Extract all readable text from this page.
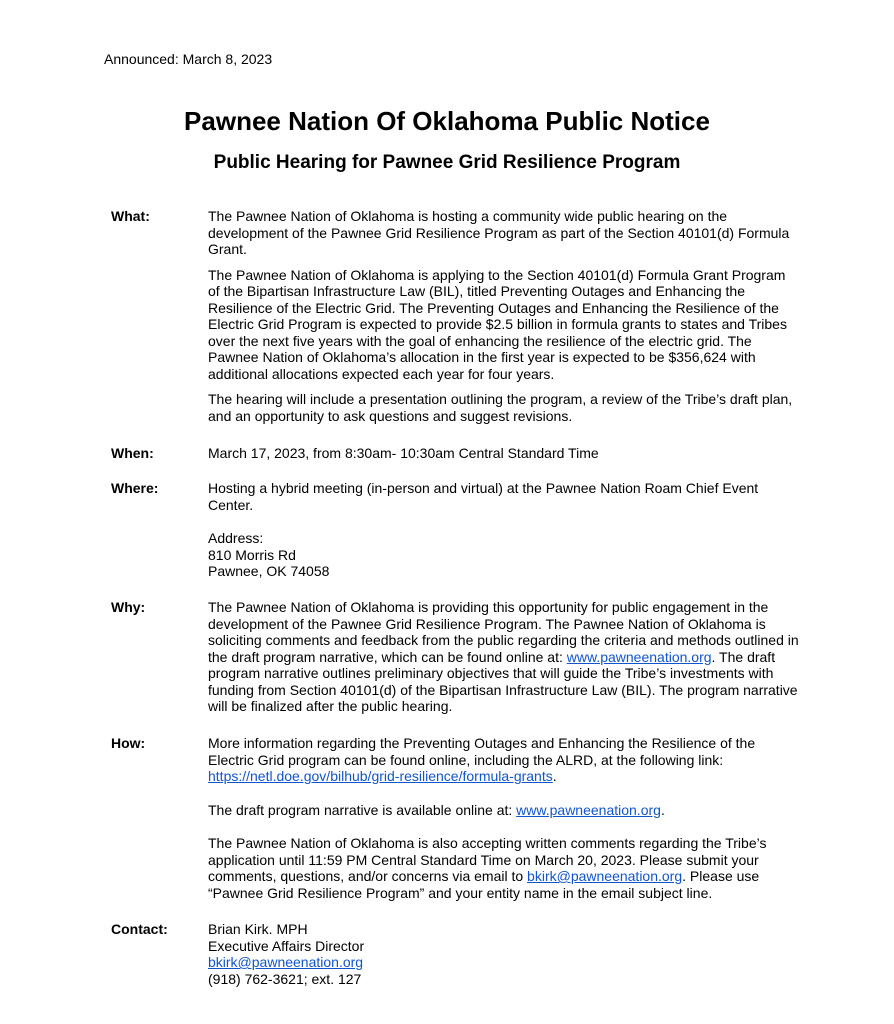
Announced: March 8, 2023
Pawnee Nation Of Oklahoma Public Notice
Public Hearing for Pawnee Grid Resilience Program
What:	The Pawnee Nation of Oklahoma is hosting a community wide public hearing on the development of the Pawnee Grid Resilience Program as part of the Section 40101(d) Formula Grant.

The Pawnee Nation of Oklahoma is applying to the Section 40101(d) Formula Grant Program of the Bipartisan Infrastructure Law (BIL), titled Preventing Outages and Enhancing the Resilience of the Electric Grid. The Preventing Outages and Enhancing the Resilience of the Electric Grid Program is expected to provide $2.5 billion in formula grants to states and Tribes over the next five years with the goal of enhancing the resilience of the electric grid. The Pawnee Nation of Oklahoma’s allocation in the first year is expected to be $356,624 with additional allocations expected each year for four years.

The hearing will include a presentation outlining the program, a review of the Tribe’s draft plan, and an opportunity to ask questions and suggest revisions.

When:	March 17, 2023, from 8:30am- 10:30am Central Standard Time

Where:	Hosting a hybrid meeting (in-person and virtual) at the Pawnee Nation Roam Chief Event Center.

Address:

810 Morris Rd

Pawnee, OK 74058

Why:	The Pawnee Nation of Oklahoma is providing this opportunity for public engagement in the development of the Pawnee Grid Resilience Program. The Pawnee Nation of Oklahoma is soliciting comments and feedback from the public regarding the criteria and methods outlined in the draft program narrative, which can be found online at: www.pawneenation.org. The draft program narrative outlines preliminary objectives that will guide the Tribe’s investments with funding from Section 40101(d) of the Bipartisan Infrastructure Law (BIL). The program narrative will be finalized after the public hearing.

How:	More information regarding the Preventing Outages and Enhancing the Resilience of the Electric Grid program can be found online, including the ALRD, at the following link: https://netl.doe.gov/bilhub/grid-resilience/formula-grants.

The draft program narrative is available online at: www.pawneenation.org.

The Pawnee Nation of Oklahoma is also accepting written comments regarding the Tribe’s application until 11:59 PM Central Standard Time on March 20, 2023. Please submit your comments, questions, and/or concerns via email to bkirk@pawneenation.org. Please use “Pawnee Grid Resilience Program” and your entity name in the email subject line.

Contact:	Brian Kirk. MPH

Executive Affairs Director

bkirk@pawneenation.org

(918) 762-3621; ext. 127
